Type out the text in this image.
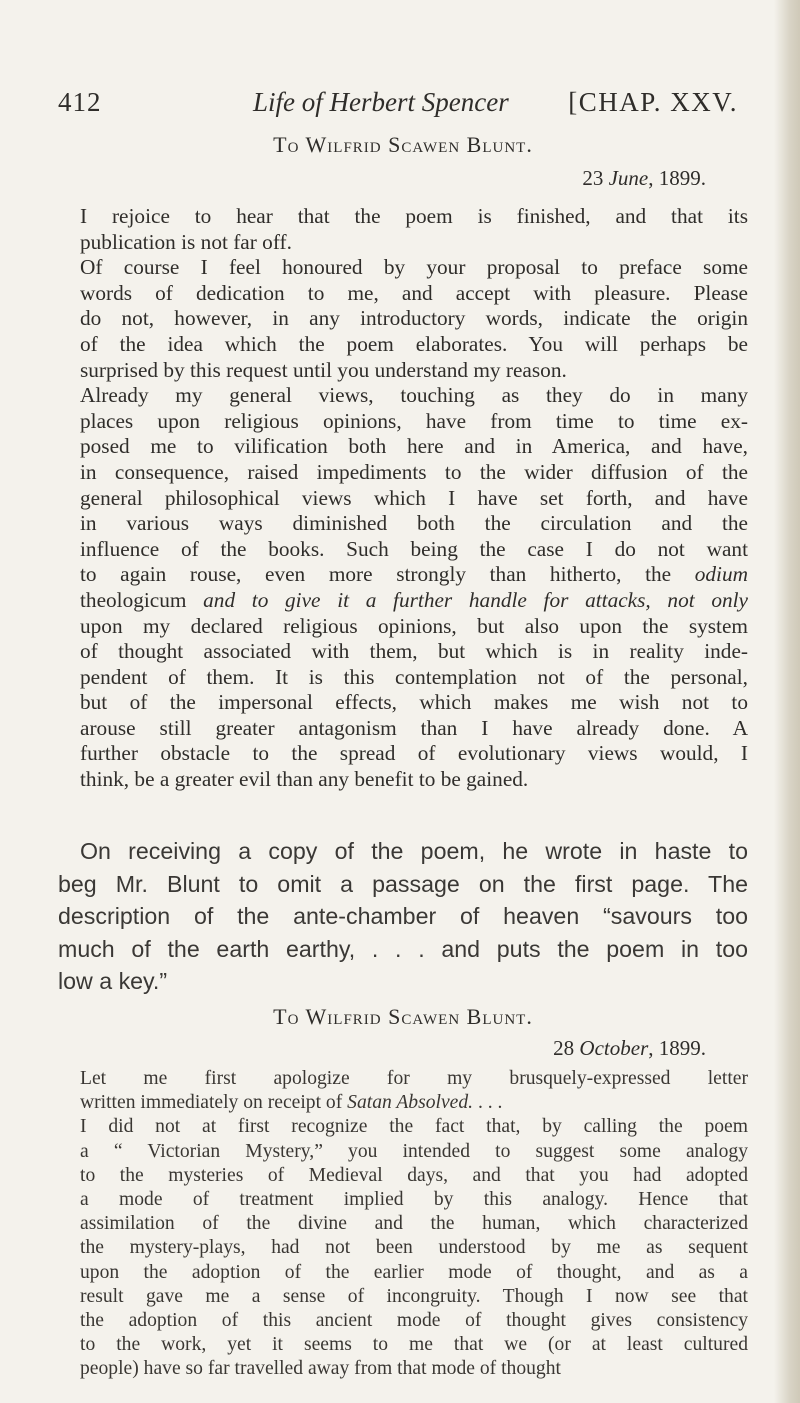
412	Life of Herbert Spencer [CHAP. XXV.
To Wilfrid Scawen Blunt.
23 June, 1899.

I rejoice to hear that the poem is finished, and that its
publication is not far off.

Of course I feel honoured by your proposal to preface some
words of dedication to me, and accept with pleasure. Please
do not, however, in any introductory words, indicate the origin
of the idea which the poem elaborates. You will perhaps be
surprised by this request until you understand my reason.

Already my general views, touching as they do in many
places upon religious opinions, have from time to time ex-
posed me to vilification both here and in America, and have,
in consequence, raised impediments to the wider diffusion of the
general philosophical views which I have set forth, and have
in various ways diminished both the circulation and the
influence of the books. Such being the case I do not want
to again rouse, even more strongly than hitherto, the odium
theologicum and to give it a further handle for attacks, not only
upon my declared religious opinions, but also upon the system
of thought associated with them, but which is in reality inde-
pendent of them. It is this contemplation not of the personal,
but of the impersonal effects, which makes me wish not to
arouse still greater antagonism than I have already done. A
further obstacle to the spread of evolutionary views would, I
think, be a greater evil than any benefit to be gained.

On receiving a copy of the poem, he wrote in haste to
beg Mr. Blunt to omit a passage on the first page. The
description of the ante-chamber of heaven “savours too
much of the earth earthy, . . . and puts the poem in too
low a key.”
To Wilfrid Scawen Blunt.
28 October, 1899.

Let me first apologize for my brusquely-expressed letter
written immediately on receipt of Satan Absolved. . . .

I did not at first recognize the fact that, by calling the poem
a “ Victorian Mystery,” you intended to suggest some analogy
to the mysteries of Medieval days, and that you had adopted
a mode of treatment implied by this analogy. Hence that
assimilation of the divine and the human, which characterized
the mystery-plays, had not been understood by me as sequent
upon the adoption of the earlier mode of thought, and as a
result gave me a sense of incongruity. Though I now see that
the adoption of this ancient mode of thought gives consistency
to the work, yet it seems to me that we (or at least cultured
people) have so far travelled away from that mode of thought
